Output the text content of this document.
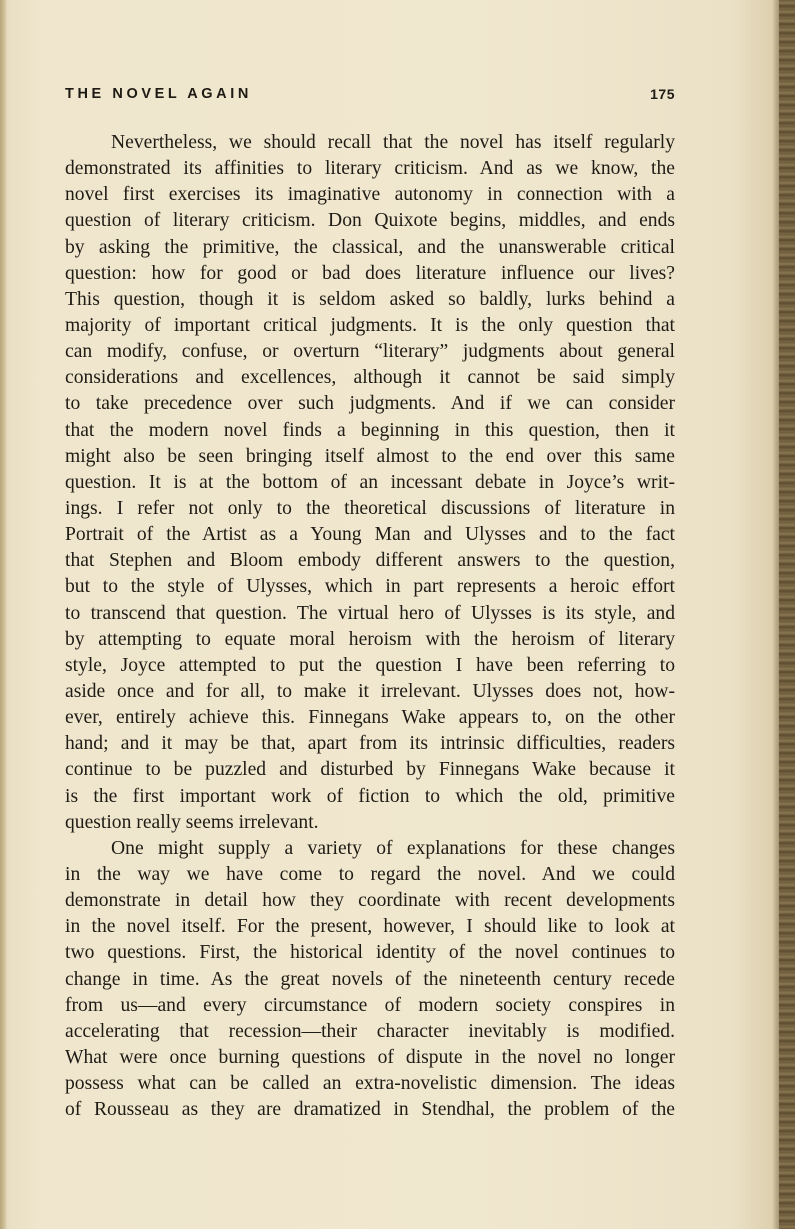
THE NOVEL AGAIN	175
Nevertheless, we should recall that the novel has itself regularly
demonstrated its affinities to literary criticism. And as we know, the
novel first exercises its imaginative autonomy in connection with a
question of literary criticism. Don Quixote begins, middles, and ends
by asking the primitive, the classical, and the unanswerable critical
question: how for good or bad does literature influence our lives?
This question, though it is seldom asked so baldly, lurks behind a
majority of important critical judgments. It is the only question that
can modify, confuse, or overturn “literary” judgments about general
considerations and excellences, although it cannot be said simply
to take precedence over such judgments. And if we can consider
that the modern novel finds a beginning in this question, then it
might also be seen bringing itself almost to the end over this same
question. It is at the bottom of an incessant debate in Joyce’s writ-
ings. I refer not only to the theoretical discussions of literature in
Portrait of the Artist as a Young Man and Ulysses and to the fact
that Stephen and Bloom embody different answers to the question,
but to the style of Ulysses, which in part represents a heroic effort
to transcend that question. The virtual hero of Ulysses is its style, and
by attempting to equate moral heroism with the heroism of literary
style, Joyce attempted to put the question I have been referring to
aside once and for all, to make it irrelevant. Ulysses does not, how-
ever, entirely achieve this. Finnegans Wake appears to, on the other
hand; and it may be that, apart from its intrinsic difficulties, readers
continue to be puzzled and disturbed by Finnegans Wake because it
is the first important work of fiction to which the old, primitive
question really seems irrelevant.
One might supply a variety of explanations for these changes
in the way we have come to regard the novel. And we could
demonstrate in detail how they coordinate with recent developments
in the novel itself. For the present, however, I should like to look at
two questions. First, the historical identity of the novel continues to
change in time. As the great novels of the nineteenth century recede
from us—and every circumstance of modern society conspires in
accelerating that recession—their character inevitably is modified.
What were once burning questions of dispute in the novel no longer
possess what can be called an extra-novelistic dimension. The ideas
of Rousseau as they are dramatized in Stendhal, the problem of the
